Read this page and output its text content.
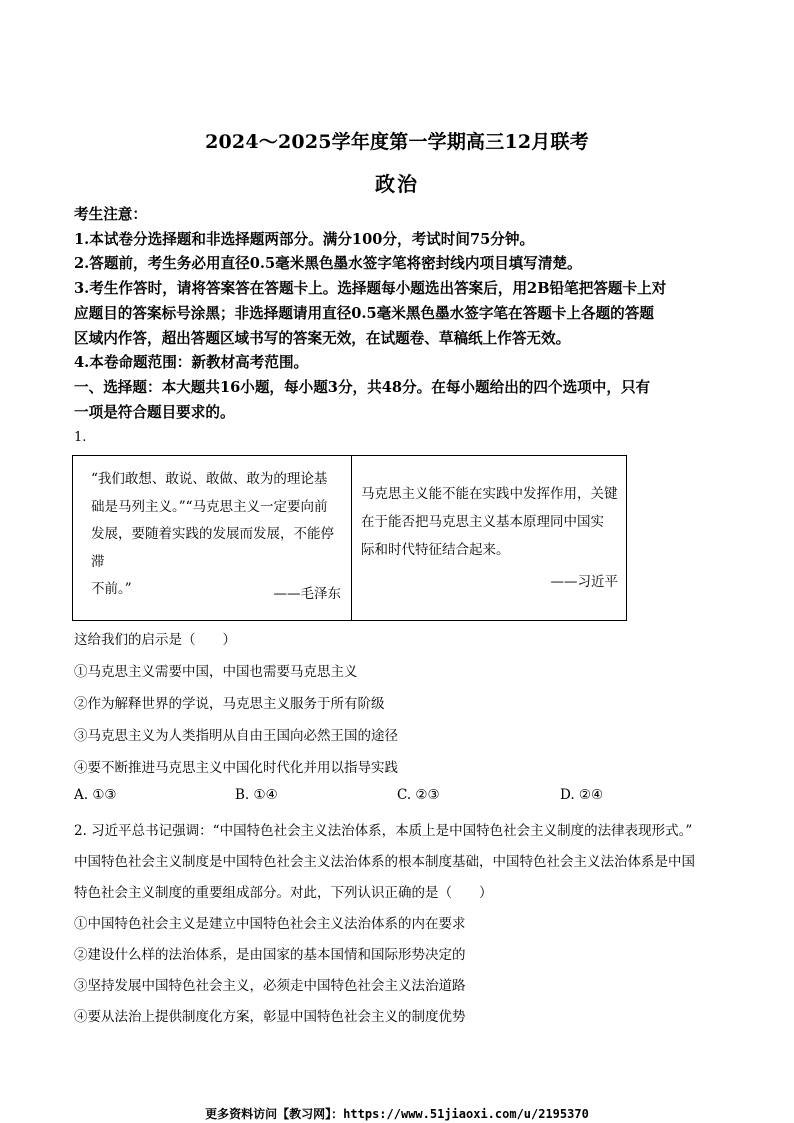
2024～2025学年度第一学期高三12月联考
政治
考生注意：
1.本试卷分选择题和非选择题两部分。满分100分，考试时间75分钟。
2.答题前，考生务必用直径0.5毫米黑色墨水签字笔将密封线内项目填写清楚。
3.考生作答时，请将答案答在答题卡上。选择题每小题选出答案后，用2B铅笔把答题卡上对
应题目的答案标号涂黑；非选择题请用直径0.5毫米黑色墨水签字笔在答题卡上各题的答题
区域内作答，超出答题区域书写的答案无效，在试题卷、草稿纸上作答无效。
4.本卷命题范围：新教材高考范围。
一、选择题：本大题共16小题，每小题3分，共48分。在每小题给出的四个选项中，只有
一项是符合题目要求的。
1.
“我们敢想、敢说、敢做、敢为的理论基
础是马列主义。”“马克思主义一定要向前
发展，要随着实践的发展而发展，不能停滞
不前。”	——毛泽东
马克思主义能不能在实践中发挥作用，关键
在于能否把马克思主义基本原理同中国实
际和时代特征结合起来。
——习近平
这给我们的启示是（　　）
①马克思主义需要中国，中国也需要马克思主义
②作为解释世界的学说，马克思主义服务于所有阶级
③马克思主义为人类指明从自由王国向必然王国的途径
④要不断推进马克思主义中国化时代化并用以指导实践
A. ①③	B. ①④	C. ②③	D. ②④
2. 习近平总书记强调：“中国特色社会主义法治体系，本质上是中国特色社会主义制度的法律表现形式。”
中国特色社会主义制度是中国特色社会主义法治体系的根本制度基础，中国特色社会主义法治体系是中国
特色社会主义制度的重要组成部分。对此，下列认识正确的是（　　）
①中国特色社会主义是建立中国特色社会主义法治体系的内在要求
②建设什么样的法治体系，是由国家的基本国情和国际形势决定的
③坚持发展中国特色社会主义，必须走中国特色社会主义法治道路
④要从法治上提供制度化方案，彰显中国特色社会主义的制度优势
更多资料访问【教习网】：https://www.51jiaoxi.com/u/2195370
